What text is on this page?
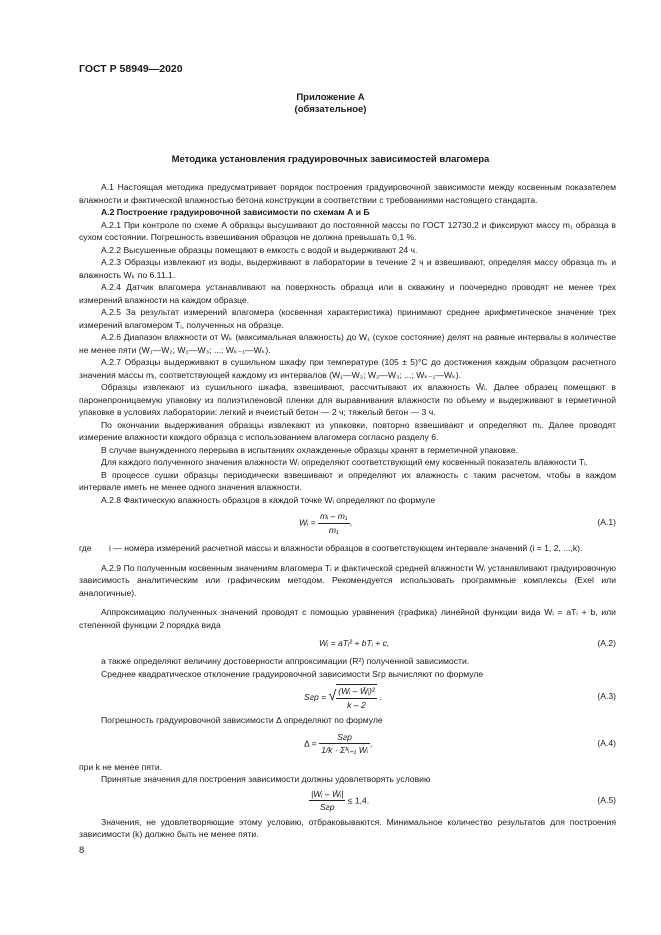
ГОСТ Р 58949—2020
Приложение А
(обязательное)
Методика установления градуировочных зависимостей влагомера

А.1 Настоящая методика предусматривает порядок построения градуировочной зависимости между косвенным показателем влажности и фактической влажностью бетона конструкции в соответствии с требованиями настоящего стандарта.

А.2 Построение градуировочной зависимости по схемам А и Б

А.2.1 При контроле по схеме А образцы высушивают до постоянной массы по ГОСТ 12730.2 и фиксируют массу m₁ образца в сухом состоянии. Погрешность взвешивания образцов не должна превышать 0,1 %.

А.2.2 Высушенные образцы помещают в емкость с водой и выдерживают 24 ч.

А.2.3 Образцы извлекают из воды, выдерживают в лаборатории в течение 2 ч и взвешивают, определяя массу образца mₖ и влажность Wₖ по 6.11.1.

А.2.4 Датчик влагомера устанавливают на поверхность образца или в скважину и поочередно проводят не менее трех измерений влажности на каждом образце.

А.2.5 За результат измерений влагомера (косвенная характеристика) принимают среднее арифметическое значение трех измерений влагомером Tᵢ, полученных на образце.

А.2.6 Диапазон влажности от Wₖ (максимальная влажность) до W₁ (сухое состояние) делят на равные интервалы в количестве не менее пяти (W₁—W₂; W₂—W₃; ...; Wₖ₋₁—Wₖ).

А.2.7 Образцы выдерживают в сушильном шкафу при температуре (105 ± 5)°С до достижения каждым образцом расчетного значения массы mᵢ, соответствующей каждому из интервалов (W₁—W₂; W₂—W₃; ...; Wₖ₋₁—Wₖ).

Образцы извлекают из сушильного шкафа, взвешивают, рассчитывают их влажность W̄ᵢ. Далее образец помещают в паронепроницаемую упаковку из полиэтиленовой пленки для выравнивания влажности по объему и выдерживают в герметичной упаковке в условиях лаборатории: легкий и ячеистый бетон — 2 ч; тяжелый бетон — 3 ч.

По окончании выдерживания образцы извлекают из упаковки, повторно взвешивают и определяют mᵢ. Далее проводят измерение влажности каждого образца с использованием влагомера согласно разделу 6.

В случае вынужденного перерыва в испытаниях охлажденные образцы хранят в герметичной упаковке.

Для каждого полученного значения влажности Wᵢ определяют соответствующий ему косвенный показатель влажности Tᵢ.

В процессе сушки образцы периодически взвешивают и определяют их влажность с таким расчетом, чтобы в каждом интервале иметь не менее одного значения влажности.

А.2.8 Фактическую влажность образцов в каждой точке Wᵢ определяют по формуле

Wᵢ = $\frac{\text{mᵢ – m₁}}{\text{m₁}}$ ,	(А.1)
где i — номера измерений расчетной массы и влажности образцов в соответствующем интервале значений (i = 1, 2, ...,k).

А.2.9 По полученным косвенным значениям влагомера Tᵢ и фактической средней влажности Wᵢ устанавливают градуировочную зависимость аналитическим или графическим методом. Рекомендуется использовать программные комплексы (Exel или аналогичные).

Аппроксимацию полученных значений проводят с помощью уравнения (графика) линейной функции вида Wᵢ = aTᵢ + b, или степенной функции 2 порядка вида

Wᵢ = aTᵢ² + bTᵢ + c,	(А.2)

а также определяют величину достоверности аппроксимации (R²) полученной зависимости.

Среднее квадратическое отклонение градуировочной зависимости Sгр вычисляют по формуле

Sгр = √ $\frac{\text{(Wᵢ – W̄ᵢ)²}}{k - 2}$ .	(А.3)

Погрешность градуировочной зависимости Δ определяют по формуле

$\Delta = \frac{\text{Sгр}}{\text{1/k · Σᵏᵢ₌₁ Wᵢ}}$ ,	(А.4)

при k не менее пяти.

Принятые значения для построения зависимости должны удовлетворять условию

$\frac{\text{|Wᵢ – W̄ᵢ|}}{\text{Sгр}} \le 1,4$.	(А.5)

Значения, не удовлетворяющие этому условию, отбраковываются. Минимальное количество результатов для построения зависимости (k) должно быть не менее пяти.

8
